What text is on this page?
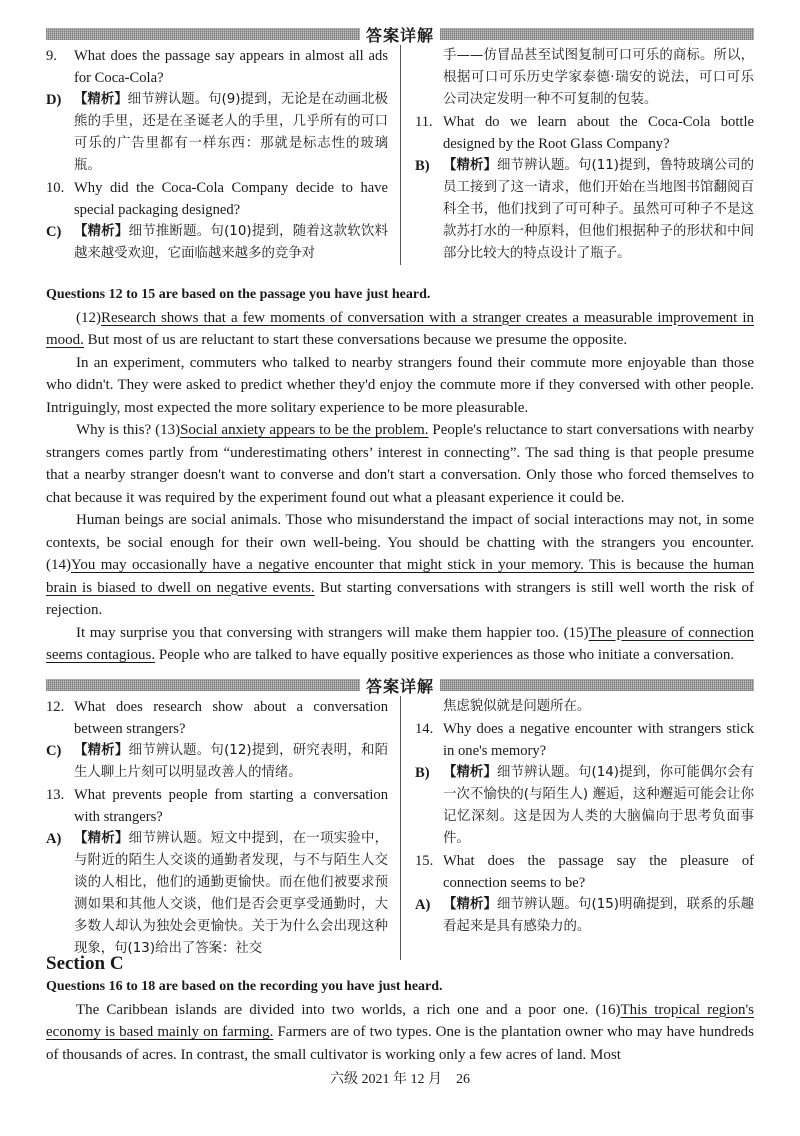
答案详解
9.	What does the passage say appears in almost all ads for Coca-Cola?
D) 【精析】细节辨认题。句(9)提到，无论是在动画北极熊的手里，还是在圣诞老人的手里，几乎所有的可口可乐的广告里都有一样东西：那就是标志性的玻璃瓶。
10. Why did the Coca-Cola Company decide to have special packaging designed?
C) 【精析】细节推断题。句(10)提到，随着这款软饮料越来越受欢迎，它面临越来越多的竞争对
手——仿冒品甚至试图复制可口可乐的商标。所以，根据可口可乐历史学家泰德·瑞安的说法，可口可乐公司决定发明一种不可复制的包装。
11. What do we learn about the Coca-Cola bottle designed by the Root Glass Company?
B)	【精析】细节辨认题。句(11)提到，鲁特玻璃公司的员工接到了这一请求，他们开始在当地图书馆翻阅百科全书，他们找到了可可种子。虽然可可种子不是这款苏打水的一种原料，但他们根据种子的形状和中间部分比较大的特点设计了瓶子。

Questions 12 to 15 are based on the passage you have just heard.

(12)Research shows that a few moments of conversation with a stranger creates a measurable improvement in mood. But most of us are reluctant to start these conversations because we presume the opposite.

In an experiment, commuters who talked to nearby strangers found their commute more enjoyable than those who didn't. They were asked to predict whether they'd enjoy the commute more if they conversed with other people. Intriguingly, most expected the more solitary experience to be more pleasurable.

Why is this? (13)Social anxiety appears to be the problem. People's reluctance to start conversations with nearby strangers comes partly from “underestimating others’ interest in connecting”. The sad thing is that people presume that a nearby stranger doesn't want to converse and don't start a conversation. Only those who forced themselves to chat because it was required by the experiment found out what a pleasant experience it could be.

Human beings are social animals. Those who misunderstand the impact of social interactions may not, in some contexts, be social enough for their own well-being. You should be chatting with the strangers you encounter. (14)You may occasionally have a negative encounter that might stick in your memory. This is because the human brain is biased to dwell on negative events. But starting conversations with strangers is still well worth the risk of rejection.

It may surprise you that conversing with strangers will make them happier too. (15)The pleasure of connection seems contagious. People who are talked to have equally positive experiences as those who initiate a conversation.

答案详解
12. What does research show about a conversation between strangers?
C) 【精析】细节辨认题。句(12)提到，研究表明，和陌生人聊上片刻可以明显改善人的情绪。
13. What prevents people from starting a conversation with strangers?
A) 【精析】细节辨认题。短文中提到，在一项实验中，与附近的陌生人交谈的通勤者发现，与不与陌生人交谈的人相比，他们的通勤更愉快。而在他们被要求预测如果和其他人交谈，他们是否会更享受通勤时，大多数人却认为独处会更愉快。关于为什么会出现这种现象，句(13)给出了答案：社交
焦虑貌似就是问题所在。
14. Why does a negative encounter with strangers stick in one's memory?
B)	【精析】细节辨认题。句(14)提到，你可能偶尔会有一次不愉快的(与陌生人) 邂逅，这种邂逅可能会让你记忆深刻。这是因为人类的大脑偏向于思考负面事件。
15. What does the passage say the pleasure of connection seems to be?
A) 【精析】细节辨认题。句(15)明确提到，联系的乐趣看起来是具有感染力的。
Section C

Questions 16 to 18 are based on the recording you have just heard.

The Caribbean islands are divided into two worlds, a rich one and a poor one. (16)This tropical region's economy is based mainly on farming. Farmers are of two types. One is the plantation owner who may have hundreds of thousands of acres. In contrast, the small cultivator is working only a few acres of land. Most

六级 2021 年 12 月 26
